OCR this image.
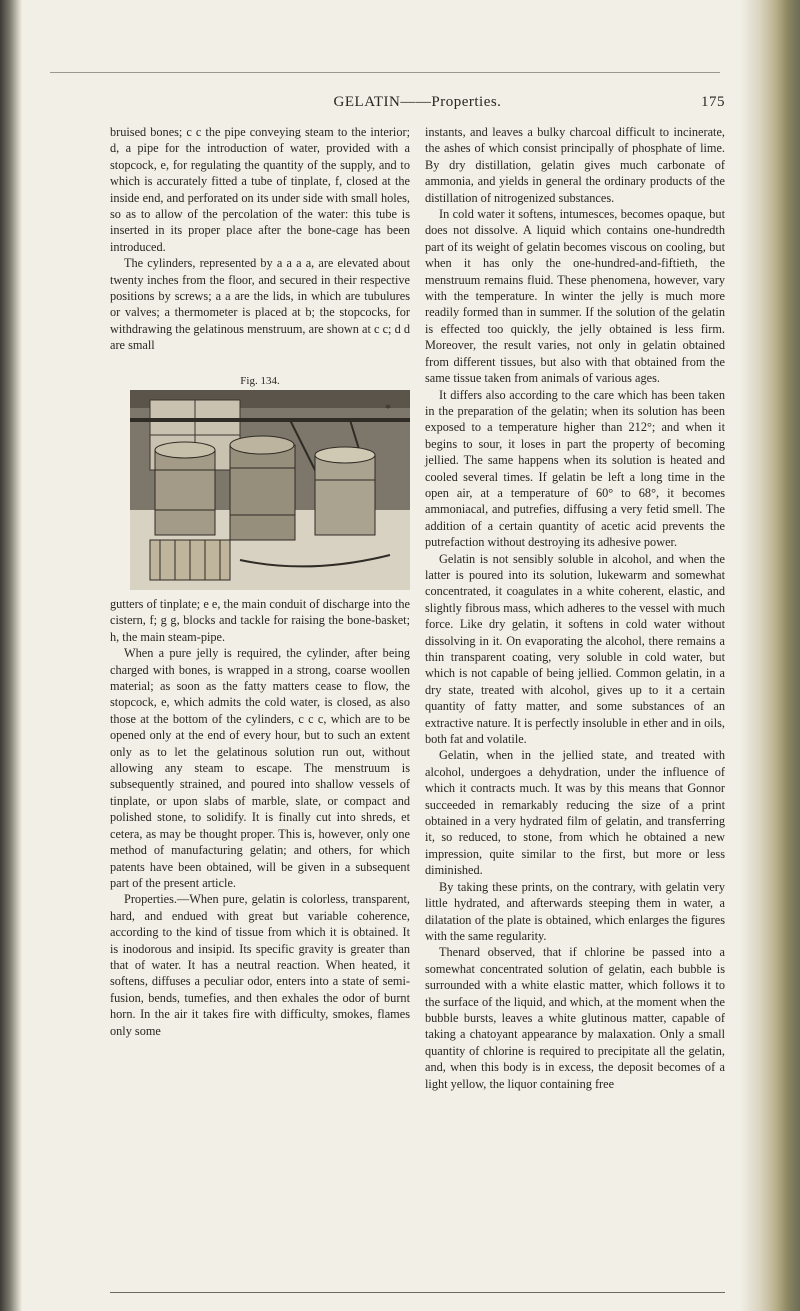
GELATIN——Properties.	175

bruised bones; c c the pipe conveying steam to the interior; d, a pipe for the introduction of water, provided with a stopcock, e, for regulating the quantity of the supply, and to which is accurately fitted a tube of tinplate, f, closed at the inside end, and perforated on its under side with small holes, so as to allow of the percolation of the water: this tube is inserted in its proper place after the bone-cage has been introduced.

The cylinders, represented by a a a a, are elevated about twenty inches from the floor, and secured in their respective positions by screws; a a are the lids, in which are tubulures or valves; a thermometer is placed at b; the stopcocks, for withdrawing the gelatinous menstruum, are shown at c c; d d are small

Fig. 134.
*

gutters of tinplate; e e, the main conduit of discharge into the cistern, f; g g, blocks and tackle for raising the bone-basket; h, the main steam-pipe.

When a pure jelly is required, the cylinder, after being charged with bones, is wrapped in a strong, coarse woollen material; as soon as the fatty matters cease to flow, the stopcock, e, which admits the cold water, is closed, as also those at the bottom of the cylinders, c c c, which are to be opened only at the end of every hour, but to such an extent only as to let the gelatinous solution run out, without allowing any steam to escape. The menstruum is subsequently strained, and poured into shallow vessels of tinplate, or upon slabs of marble, slate, or compact and polished stone, to solidify. It is finally cut into shreds, et cetera, as may be thought proper. This is, however, only one method of manufacturing gelatin; and others, for which patents have been obtained, will be given in a subsequent part of the present article.

Properties.—When pure, gelatin is colorless, transparent, hard, and endued with great but variable coherence, according to the kind of tissue from which it is obtained. It is inodorous and insipid. Its specific gravity is greater than that of water. It has a neutral reaction. When heated, it softens, diffuses a peculiar odor, enters into a state of semi-fusion, bends, tumefies, and then exhales the odor of burnt horn. In the air it takes fire with difficulty, smokes, flames only some

instants, and leaves a bulky charcoal difficult to incinerate, the ashes of which consist principally of phosphate of lime. By dry distillation, gelatin gives much carbonate of ammonia, and yields in general the ordinary products of the distillation of nitrogenized substances.

In cold water it softens, intumesces, becomes opaque, but does not dissolve. A liquid which contains one-hundredth part of its weight of gelatin becomes viscous on cooling, but when it has only the one-hundred-and-fiftieth, the menstruum remains fluid. These phenomena, however, vary with the temperature. In winter the jelly is much more readily formed than in summer. If the solution of the gelatin is effected too quickly, the jelly obtained is less firm. Moreover, the result varies, not only in gelatin obtained from different tissues, but also with that obtained from the same tissue taken from animals of various ages.

It differs also according to the care which has been taken in the preparation of the gelatin; when its solution has been exposed to a temperature higher than 212°; and when it begins to sour, it loses in part the property of becoming jellied. The same happens when its solution is heated and cooled several times. If gelatin be left a long time in the open air, at a temperature of 60° to 68°, it becomes ammoniacal, and putrefies, diffusing a very fetid smell. The addition of a certain quantity of acetic acid prevents the putrefaction without destroying its adhesive power.

Gelatin is not sensibly soluble in alcohol, and when the latter is poured into its solution, lukewarm and somewhat concentrated, it coagulates in a white coherent, elastic, and slightly fibrous mass, which adheres to the vessel with much force. Like dry gelatin, it softens in cold water without dissolving in it. On evaporating the alcohol, there remains a thin transparent coating, very soluble in cold water, but which is not capable of being jellied. Common gelatin, in a dry state, treated with alcohol, gives up to it a certain quantity of fatty matter, and some substances of an extractive nature. It is perfectly insoluble in ether and in oils, both fat and volatile.

Gelatin, when in the jellied state, and treated with alcohol, undergoes a dehydration, under the influence of which it contracts much. It was by this means that Gonnor succeeded in remarkably reducing the size of a print obtained in a very hydrated film of gelatin, and transferring it, so reduced, to stone, from which he obtained a new impression, quite similar to the first, but more or less diminished.

By taking these prints, on the contrary, with gelatin very little hydrated, and afterwards steeping them in water, a dilatation of the plate is obtained, which enlarges the figures with the same regularity.

Thenard observed, that if chlorine be passed into a somewhat concentrated solution of gelatin, each bubble is surrounded with a white elastic matter, which follows it to the surface of the liquid, and which, at the moment when the bubble bursts, leaves a white glutinous matter, capable of taking a chatoyant appearance by malaxation. Only a small quantity of chlorine is required to precipitate all the gelatin, and, when this body is in excess, the deposit becomes of a light yellow, the liquor containing free
